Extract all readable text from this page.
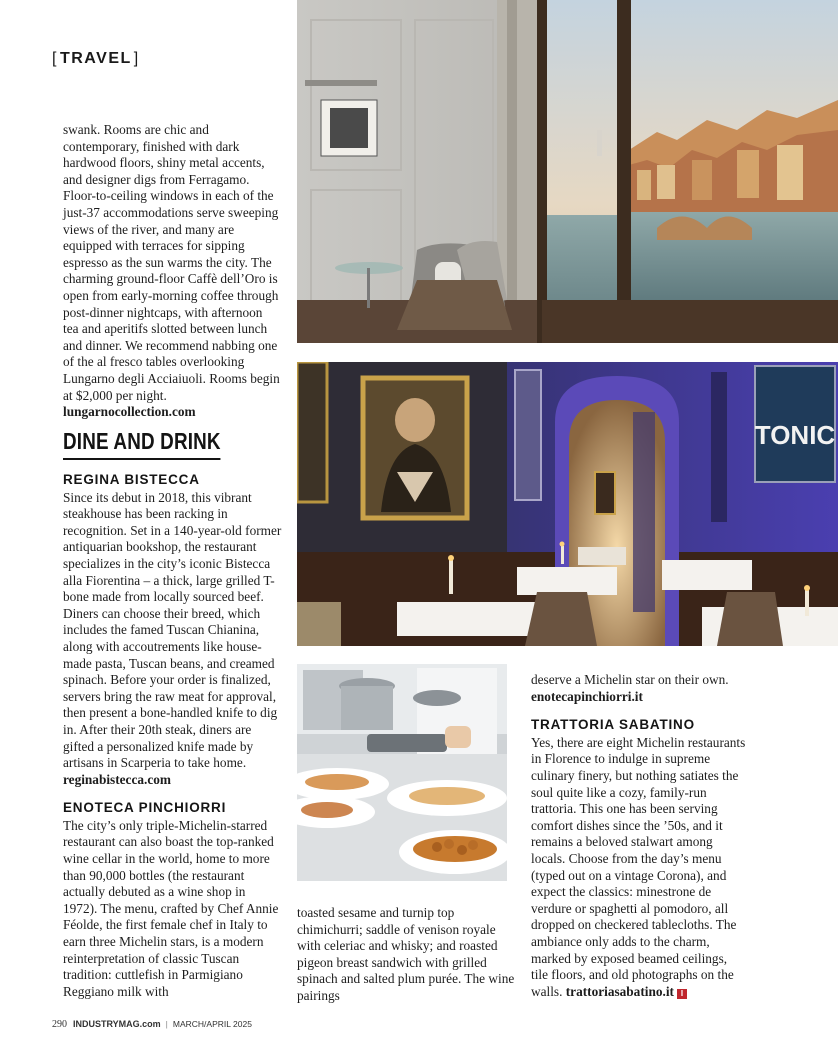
[ TRAVEL ]

swank. Rooms are chic and contemporary, finished with dark hardwood floors, shiny metal accents, and designer digs from Ferragamo. Floor-to-ceiling windows in each of the just-37 accommodations serve sweeping views of the river, and many are equipped with terraces for sipping espresso as the sun warms the city. The charming ground-floor Caffè dell’Oro is open from early-morning coffee through post-dinner nightcaps, with afternoon tea and aperitifs slotted between lunch and dinner. We recommend nabbing one of the al fresco tables overlooking Lungarno degli Acciaiuoli. Rooms begin at $2,000 per night.

lungarnocollection.com
DINE AND DRINK
REGINA BISTECCA

Since its debut in 2018, this vibrant steakhouse has been racking in recognition. Set in a 140-year-old former antiquarian bookshop, the restaurant specializes in the city’s iconic Bistecca alla Fiorentina – a thick, large grilled T-bone made from locally sourced beef. Diners can choose their breed, which includes the famed Tuscan Chianina, along with accoutrements like house-made pasta, Tuscan beans, and creamed spinach. Before your order is finalized, servers bring the raw meat for approval, then present a bone-handled knife to dig in. After their 20th steak, diners are gifted a personalized knife made by artisans in Scarperia to take home.

reginabistecca.com
ENOTECA PINCHIORRI

The city’s only triple-Michelin-starred restaurant can also boast the top-ranked wine cellar in the world, home to more than 90,000 bottles (the restaurant actually debuted as a wine shop in 1972). The menu, crafted by Chef Annie Féolde, the first female chef in Italy to earn three Michelin stars, is a modern reinterpretation of classic Tuscan tradition: cuttlefish in Parmigiano Reggiano milk with

toasted sesame and turnip top chimichurri; saddle of venison royale with celeriac and whisky; and roasted pigeon breast sandwich with grilled spinach and salted plum purée. The wine pairings

deserve a Michelin star on their own.

enotecapinchiorri.it
TRATTORIA SABATINO

Yes, there are eight Michelin restaurants in Florence to indulge in supreme culinary finery, but nothing satiates the soul quite like a cozy, family-run trattoria. This one has been serving comfort dishes since the ’50s, and it remains a beloved stalwart among locals. Choose from the day’s menu (typed out on a vintage Corona), and expect the classics: minestrone de verdure or spaghetti al pomodoro, all dropped on checkered tablecloths. The ambiance only adds to the charm, marked by exposed beamed ceilings, tile floors, and old photographs on the walls. trattoriasabatino.it I

TONIC
290 INDUSTRYMAG.com | MARCH/APRIL 2025
